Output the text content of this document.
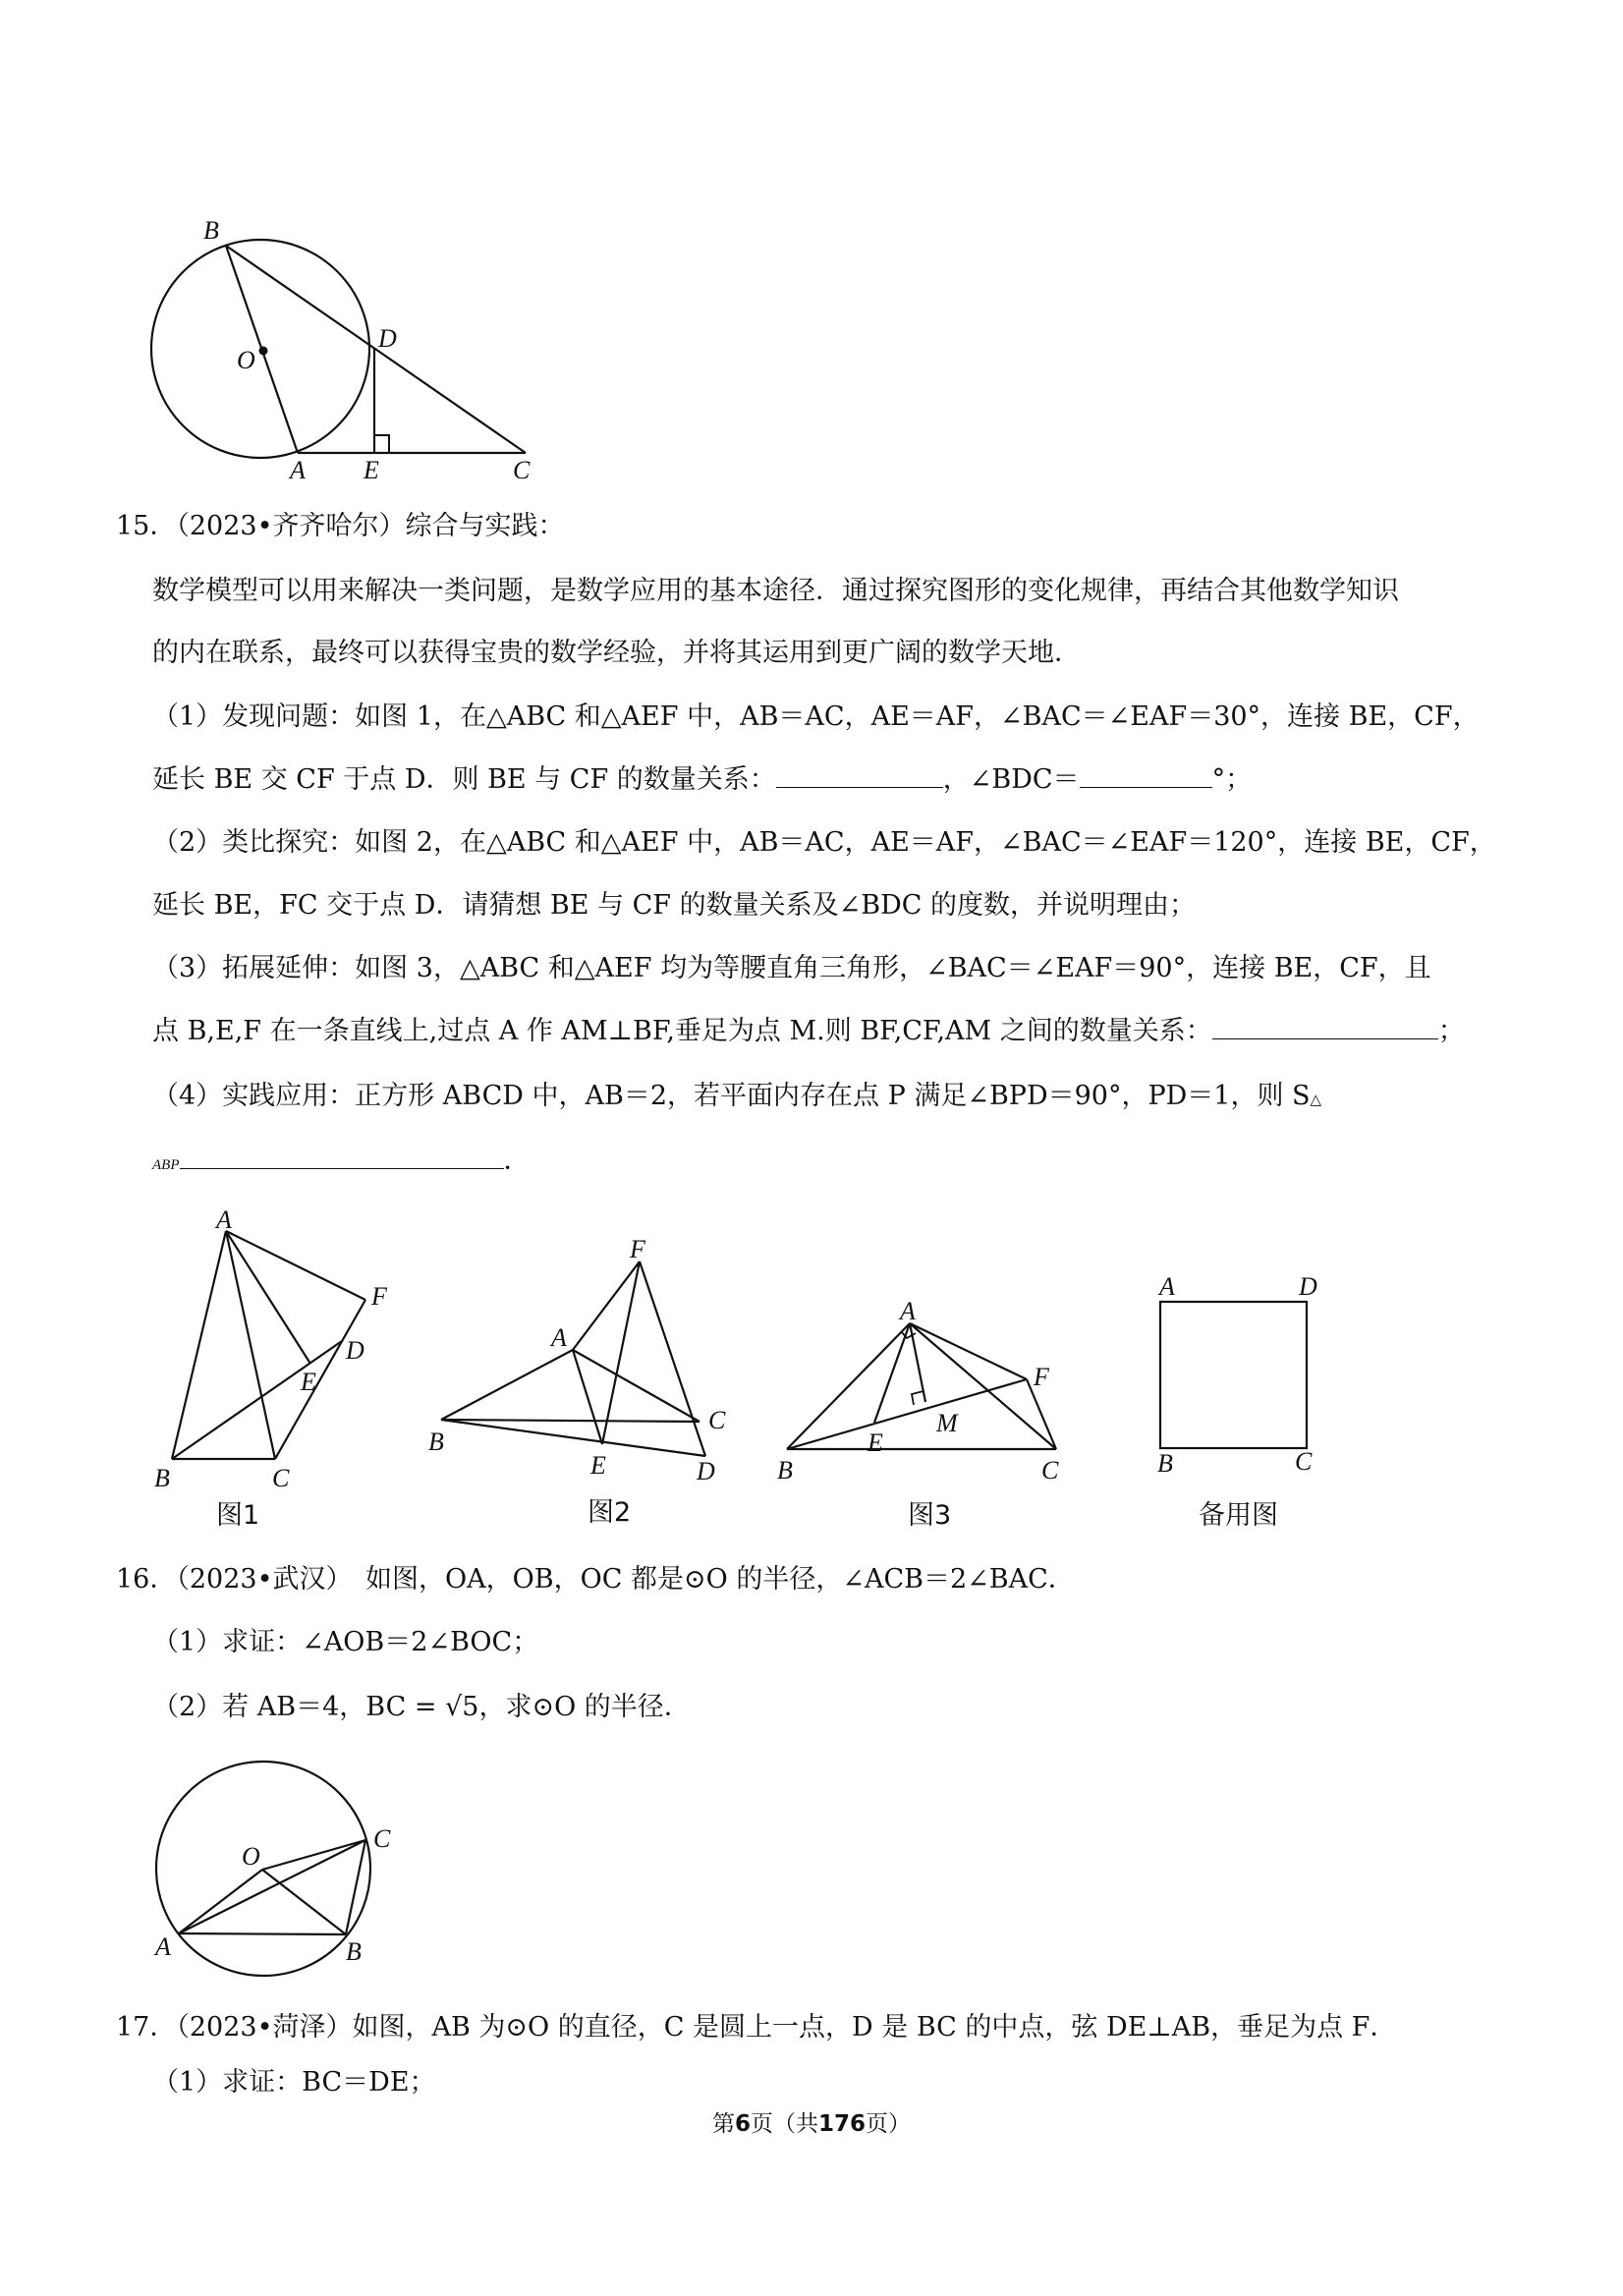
B
O
D
A E	C
15．（2023•齐齐哈尔）综合与实践：
数学模型可以用来解决一类问题，是数学应用的基本途径．通过探究图形的变化规律，再结合其他数学知识
的内在联系，最终可以获得宝贵的数学经验，并将其运用到更广阔的数学天地．
（1）发现问题：如图 1，在△ABC 和△AEF 中，AB＝AC，AE＝AF，∠BAC＝∠EAF＝30°，连接 BE，CF，
延长 BE 交 CF 于点 D．则 BE 与 CF 的数量关系：	，∠BDC＝	°；
（2）类比探究：如图 2，在△ABC 和△AEF 中，AB＝AC，AE＝AF，∠BAC＝∠EAF＝120°，连接 BE，CF，
延长 BE，FC 交于点 D．请猜想 BE 与 CF 的数量关系及∠BDC 的度数，并说明理由；
（3）拓展延伸：如图 3，△ABC 和△AEF 均为等腰直角三角形，∠BAC＝∠EAF＝90°，连接 BE，CF，且
点 B,E,F 在一条直线上,过点 A 作 AM⊥BF,垂足为点 M.则 BF,CF,AM 之间的数量关系：	；
（4）实践应用：正方形 ABCD 中，AB＝2，若平面内存在点 P 满足∠BPD＝90°，PD＝1，则 S△
ABP	．
A
F
D
E
B	C
F
A
B
E
C
D
A
F
M
E
B	C
A	D
B	C
图1	图2	图3	备用图
16．（2023•武汉）　如图，OA，OB，OC 都是⊙O 的半径，∠ACB＝2∠BAC．
（1）求证：∠AOB＝2∠BOC；
（2）若 AB＝4，BC = √5，求⊙O 的半径．
O
C
A	B
17．（2023•菏泽）如图，AB 为⊙O 的直径，C 是圆上一点，D 是 BC 的中点，弦 DE⊥AB，垂足为点 F．
（1）求证：BC＝DE；
第6页（共176页）
